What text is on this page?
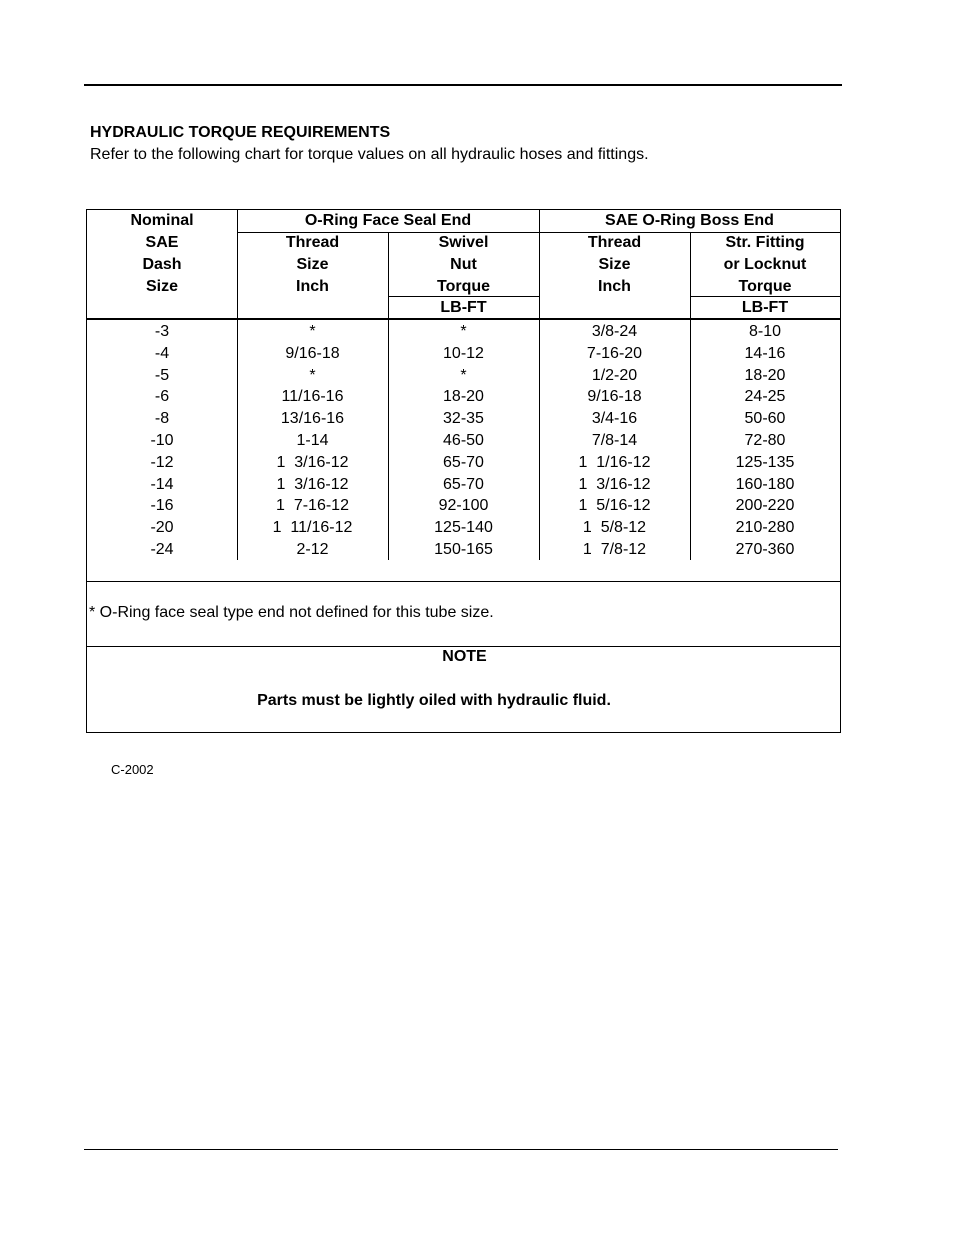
HYDRAULIC TORQUE REQUIREMENTS
Refer to the following chart for torque values on all hydraulic hoses and fittings.
O-Ring Face Seal End	SAE O-Ring Boss End
Nominal
SAE
Dash
Size
Thread
Size
Inch
Swivel
Nut
Torque
LB-FT
Thread
Size
Inch
Str. Fitting
or Locknut
Torque
LB-FT
-3
-4
-5
-6
-8
-10
-12
-14
-16
-20
-24
*
9/16-18
*
11/16-16
13/16-16
1-14
1  3/16-12
1  3/16-12
1  7-16-12
1  11/16-12
2-12
*
10-12
*
18-20
32-35
46-50
65-70
65-70
92-100
125-140
150-165
3/8-24
7-16-20
1/2-20
9/16-18
3/4-16
7/8-14
1  1/16-12
1  3/16-12
1  5/16-12
1  5/8-12
1  7/8-12
8-10
14-16
18-20
24-25
50-60
72-80
125-135
160-180
200-220
210-280
270-360
* O-Ring face seal type end not defined for this tube size.
NOTE
Parts must be lightly oiled with hydraulic fluid.
C-2002
